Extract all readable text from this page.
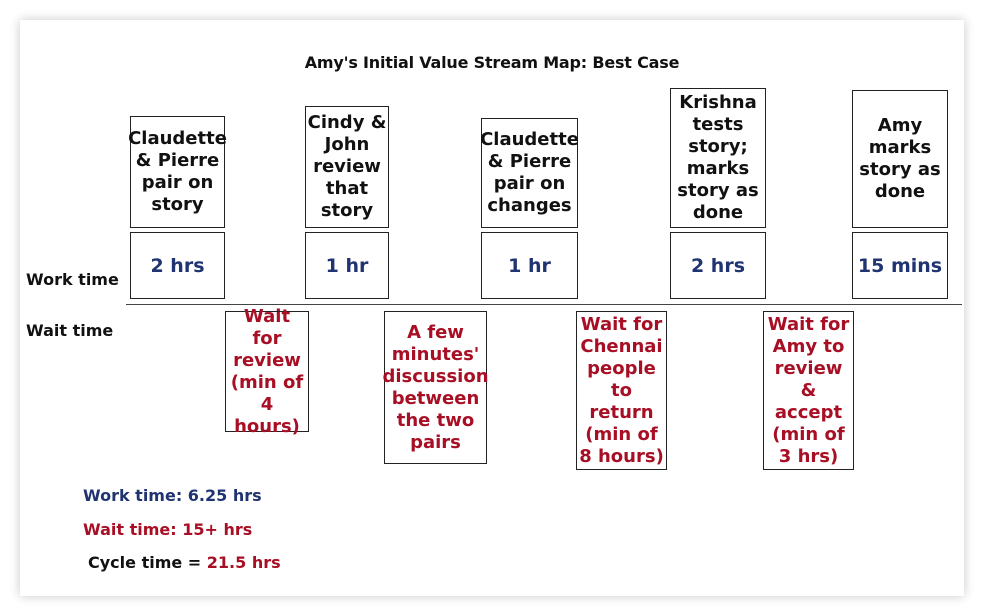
Amy's Initial Value Stream Map: Best Case
Claudette
& Pierre
pair on
story
Cindy &
John
review
that
story
Claudette
& Pierre
pair on
changes
Krishna
tests
story;
marks
story as
done
Amy
marks
story as
done
2 hrs	1 hr	1 hr	2 hrs	15 mins
Work time
Wait time
Wait
for
review
(min of
4 hours)
A few
minutes'
discussion
between
the two
pairs
Wait for
Chennai
people to
return
(min of
8 hours)
Wait for
Amy to
review &
accept
(min of
3 hrs)
Work time: 6.25 hrs
Wait time: 15+ hrs
Cycle time = 21.5 hrs
